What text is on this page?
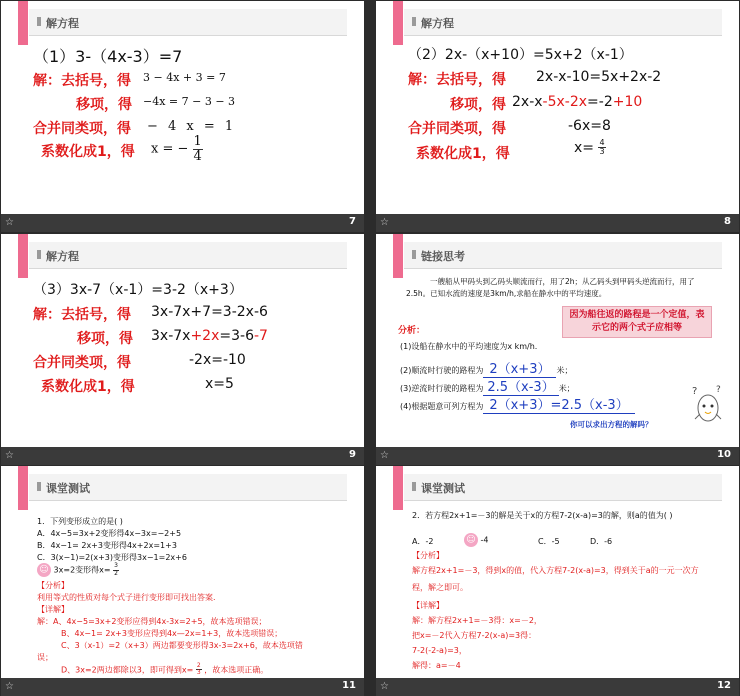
解方程
（1）3-（4x-3）=7
解：去括号，得 3 − 4x + 3 = 7
移项，得 −4x = 7 − 3 − 3
合并同类项，得 − 4 x = 1
系数化成1，得 x = − $\frac{1}{4}$
☆	7
解方程
（2）2x-（x+10）=5x+2（x-1）
解：去括号，得 2x-x-10=5x+2x-2
移项，得 2x-x-5x-2x=-2+10
合并同类项，得	-6x=8
系数化成1，得	$x= \frac{4}{3}$
☆	8
解方程
（3）3x-7（x-1）=3-2（x+3）
解：去括号，得 3x-7x+7=3-2x-6
移项，得 3x-7x+2x=3-6-7
合并同类项，得	-2x=-10
系数化成1，得	x=5
☆	9
链接思考
一艘船从甲码头到乙码头顺流而行，用了2h；从乙码头到甲码头逆流而行，用了2.5h。已知水流的速度是3km/h,求船在静水中的平均速度。
因为船往返的路程是一个定值，表示它的两个式子应相等
分析：
(1)设船在静水中的平均速度为x km/h.
(2)顺流时行驶的路程为 2（x+3） 米；
(3)逆流时行驶的路程为 2.5（x-3） 米；
(4)根据题意可列方程为 2（x+3）=2.5（x-3）
你可以求出方程的解吗？
? ?
☆	10
课堂测试
1．下列变形成立的是( )
A．4x−5=3x+2变形得4x−3x=−2+5
B．4x−1= 2x+3变形得4x+2x=1+3
C．3(x−1)=2(x+3)变形得3x−1=2x+6
☺ 3x=2变形得$x= \frac{3}{2}$
【分析】
利用等式的性质对每个式子进行变形即可找出答案.
【详解】
解：A、4x−5=3x+2变形应得到4x-3x=2+5，故本选项错误；
B、4x−1= 2x+3变形应得到4x—2x=1+3，故本选项错误；
C、3（x-1）=2（x+3）两边都要变形得3x-3=2x+6，故本选项错
误；
D、3x=2两边都除以3，即可得到$x= \frac{2}{3}$ ，故本选项正确。
☆	11
课堂测试
2．若方程2x+1=－3的解是关于x的方程7-2(x-a)=3的解，则a的值为( )
A．-2	☺ -4	C．-5	D．-6
【分析】
解方程2x+1=－3，得到x的值，代入方程7-2(x-a)=3，得到关于a的一元一次方程，解之即可。
【详解】
解：解方程2x+1=－3得：x=－2，
把x=－2代入方程7-2(x-a)=3得：
7-2(-2-a)=3，
解得：a=－4
☆	12
